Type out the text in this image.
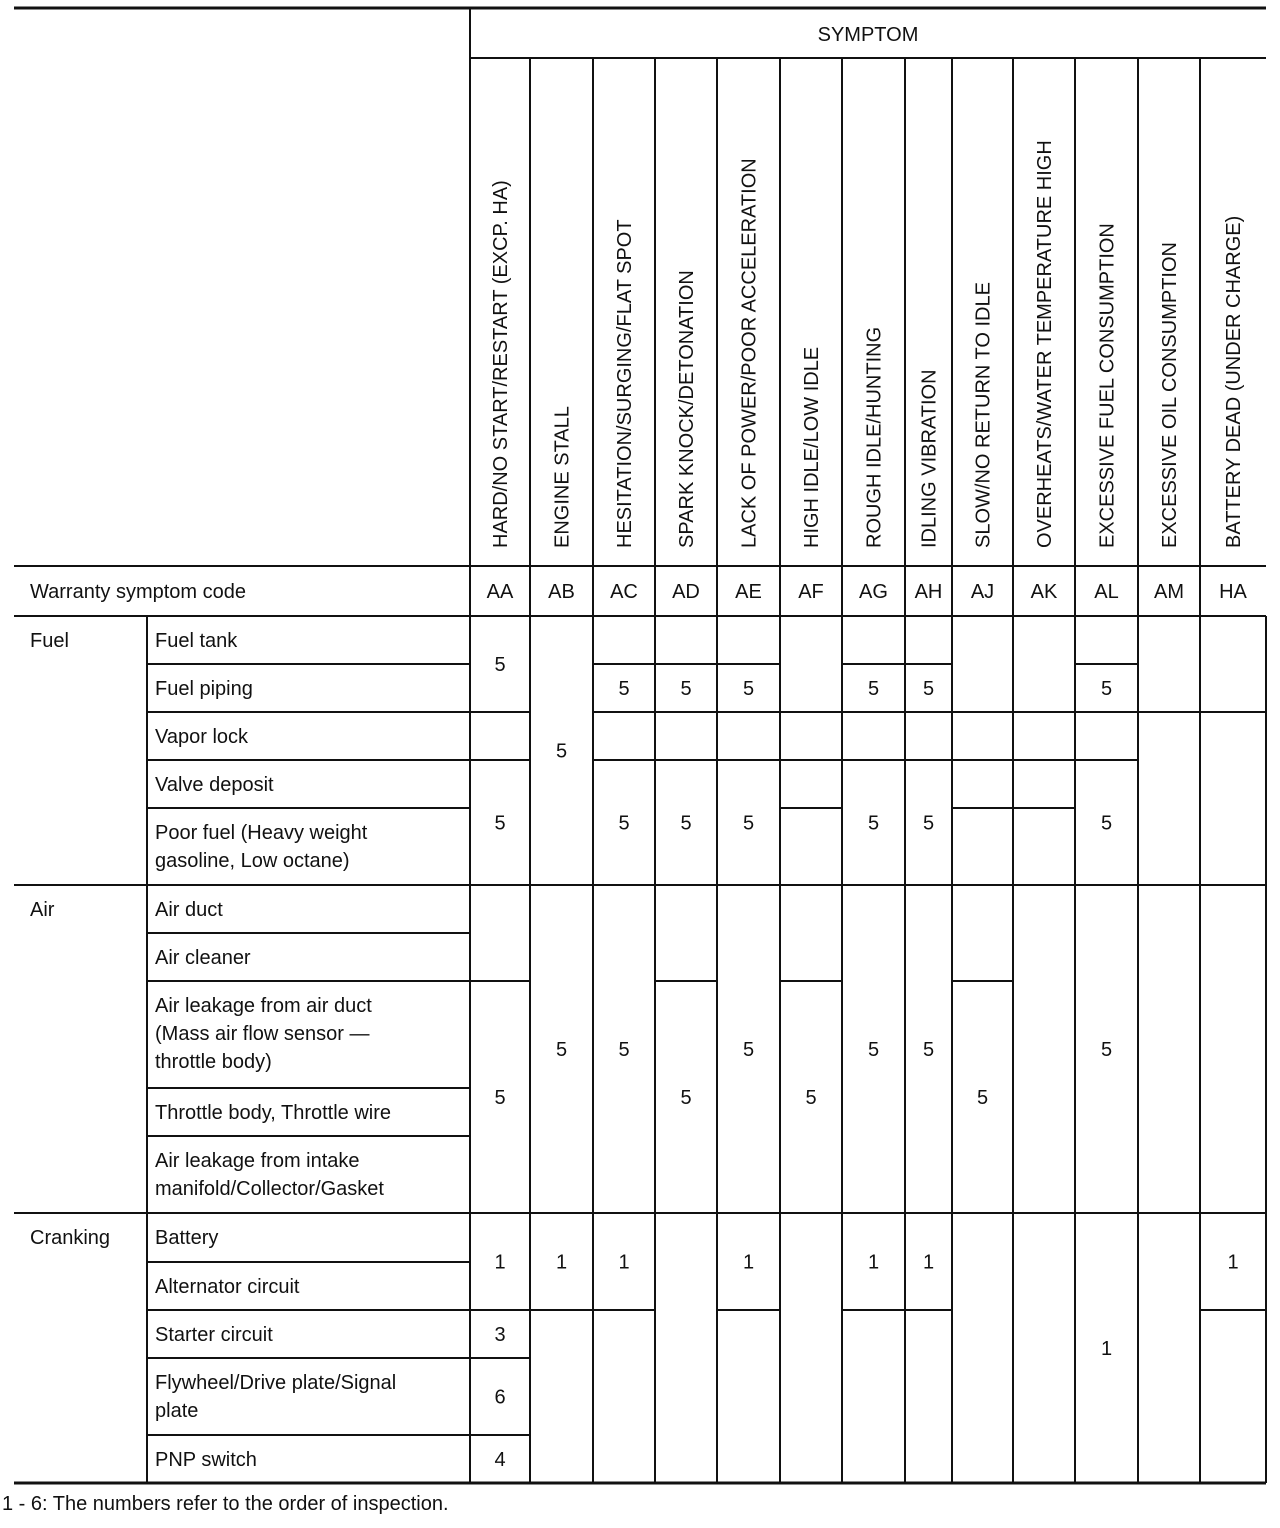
SYMPTOM
HARD/NO START/RESTART (EXCP. HA)
AA
ENGINE STALL
AB
HESITATION/SURGING/FLAT SPOT
AC
SPARK KNOCK/DETONATION
AD
LACK OF POWER/POOR ACCELERATION
AE
HIGH IDLE/LOW IDLE
AF
ROUGH IDLE/HUNTING
AG
IDLING VIBRATION
AH
SLOW/NO RETURN TO IDLE
AJ
OVERHEATS/WATER TEMPERATURE HIGH
AK
EXCESSIVE FUEL CONSUMPTION
AL
EXCESSIVE OIL CONSUMPTION
AM
BATTERY DEAD (UNDER CHARGE)
HA
Warranty symptom code
Fuel
Air
Cranking
Fuel tank
Fuel piping
Vapor lock
Valve deposit
Poor fuel (Heavy weight
gasoline, Low octane)
Air duct
Air cleaner
Air leakage from air duct
(Mass air flow sensor —
throttle body)
Throttle body, Throttle wire
Air leakage from intake
manifold/Collector/Gasket
Battery
Alternator circuit
Starter circuit
Flywheel/Drive plate/Signal
plate
PNP switch
5
5
5
1
3
6
4
5
5
1
5
5
5
1
5
5
5
5
5
5
1
5
5
5
5
1
5
5
5
1
5
5
5
5
1
1
1 - 6: The numbers refer to the order of inspection.
